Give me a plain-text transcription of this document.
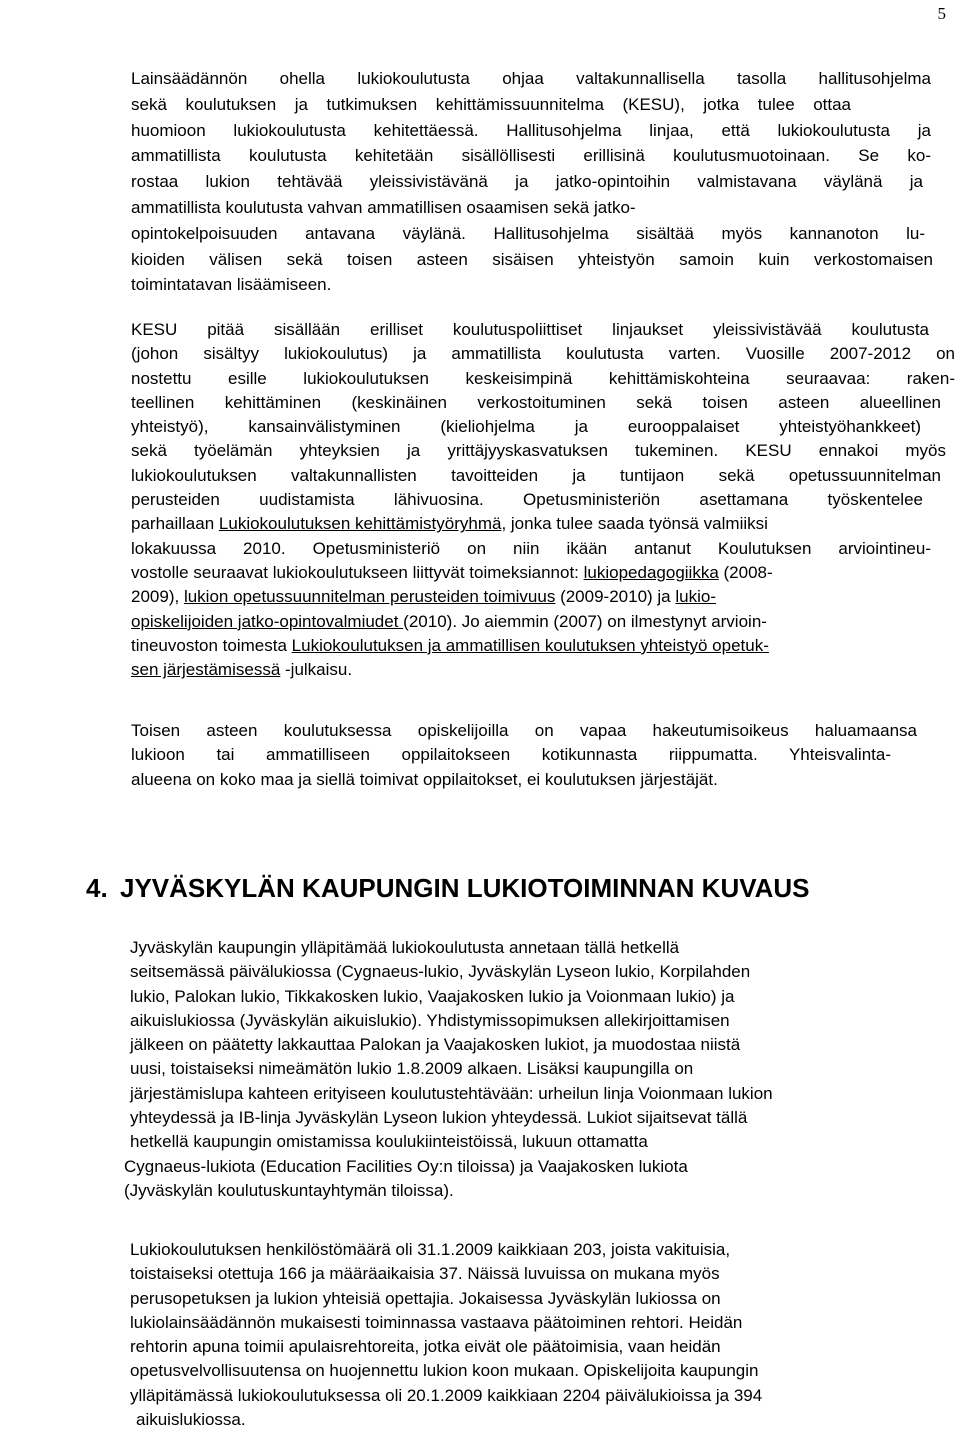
5
Lainsäädännön ohella lukiokoulutusta ohjaa valtakunnallisella tasolla hallitusohjelma
sekä koulutuksen ja tutkimuksen kehittämissuunnitelma (KESU), jotka tulee ottaa
huomioon lukiokoulutusta kehitettäessä. Hallitusohjelma linjaa, että lukiokoulutusta ja
ammatillista koulutusta kehitetään sisällöllisesti erillisinä koulutusmuotoinaan. Se ko-
rostaa lukion tehtävää yleissivistävänä ja jatko-opintoihin valmistavana väylänä ja
ammatillista koulutusta vahvan ammatillisen osaamisen sekä jatko-
opintokelpoisuuden antavana väylänä. Hallitusohjelma sisältää myös kannanoton lu-
kioiden välisen sekä toisen asteen sisäisen yhteistyön samoin kuin verkostomaisen
toimintatavan lisäämiseen.
KESU pitää sisällään erilliset koulutuspoliittiset linjaukset yleissivistävää koulutusta
(johon sisältyy lukiokoulutus) ja ammatillista koulutusta varten. Vuosille 2007-2012 on
nostettu esille lukiokoulutuksen keskeisimpinä kehittämiskohteina seuraavaa: raken-
teellinen kehittäminen (keskinäinen verkostoituminen sekä toisen asteen alueellinen
yhteistyö), kansainvälistyminen (kieliohjelma ja eurooppalaiset yhteistyöhankkeet)
sekä työelämän yhteyksien ja yrittäjyyskasvatuksen tukeminen. KESU ennakoi myös
lukiokoulutuksen valtakunnallisten tavoitteiden ja tuntijaon sekä opetussuunnitelman
perusteiden uudistamista lähivuosina. Opetusministeriön asettamana työskentelee
parhaillaan Lukiokoulutuksen kehittämistyöryhmä, jonka tulee saada työnsä valmiiksi
lokakuussa 2010. Opetusministeriö on niin ikään antanut Koulutuksen arviointineu-
vostolle seuraavat lukiokoulutukseen liittyvät toimeksiannot: lukiopedagogiikka (2008-
2009), lukion opetussuunnitelman perusteiden toimivuus (2009-2010) ja lukio-
opiskelijoiden jatko-opintovalmiudet (2010). Jo aiemmin (2007) on ilmestynyt arvioin-
tineuvoston toimesta Lukiokoulutuksen ja ammatillisen koulutuksen yhteistyö opetuk-
sen järjestämisessä -julkaisu.
Toisen asteen koulutuksessa opiskelijoilla on vapaa hakeutumisoikeus haluamaansa
lukioon tai ammatilliseen oppilaitokseen kotikunnasta riippumatta. Yhteisvalinta-
alueena on koko maa ja siellä toimivat oppilaitokset, ei koulutuksen järjestäjät.
4. JYVÄSKYLÄN KAUPUNGIN LUKIOTOIMINNAN KUVAUS
Jyväskylän kaupungin ylläpitämää lukiokoulutusta annetaan tällä hetkellä
seitsemässä päivälukiossa (Cygnaeus-lukio, Jyväskylän Lyseon lukio, Korpilahden
lukio, Palokan lukio, Tikkakosken lukio, Vaajakosken lukio ja Voionmaan lukio) ja
aikuislukiossa (Jyväskylän aikuislukio). Yhdistymissopimuksen allekirjoittamisen
jälkeen on päätetty lakkauttaa Palokan ja Vaajakosken lukiot, ja muodostaa niistä
uusi, toistaiseksi nimeämätön lukio 1.8.2009 alkaen. Lisäksi kaupungilla on
järjestämislupa kahteen erityiseen koulutustehtävään: urheilun linja Voionmaan lukion
yhteydessä ja IB-linja Jyväskylän Lyseon lukion yhteydessä. Lukiot sijaitsevat tällä
hetkellä kaupungin omistamissa koulukiinteistöissä, lukuun ottamatta
Cygnaeus-lukiota (Education Facilities Oy:n tiloissa) ja Vaajakosken lukiota
(Jyväskylän koulutuskuntayhtymän tiloissa).
Lukiokoulutuksen henkilöstömäärä oli 31.1.2009 kaikkiaan 203, joista vakituisia,
toistaiseksi otettuja 166 ja määräaikaisia 37. Näissä luvuissa on mukana myös
perusopetuksen ja lukion yhteisiä opettajia. Jokaisessa Jyväskylän lukiossa on
lukiolainsäädännön mukaisesti toiminnassa vastaava päätoiminen rehtori. Heidän
rehtorin apuna toimii apulaisrehtoreita, jotka eivät ole päätoimisia, vaan heidän
opetusvelvollisuutensa on huojennettu lukion koon mukaan. Opiskelijoita kaupungin
ylläpitämässä lukiokoulutuksessa oli 20.1.2009 kaikkiaan 2204 päivälukioissa ja 394
aikuislukiossa.
